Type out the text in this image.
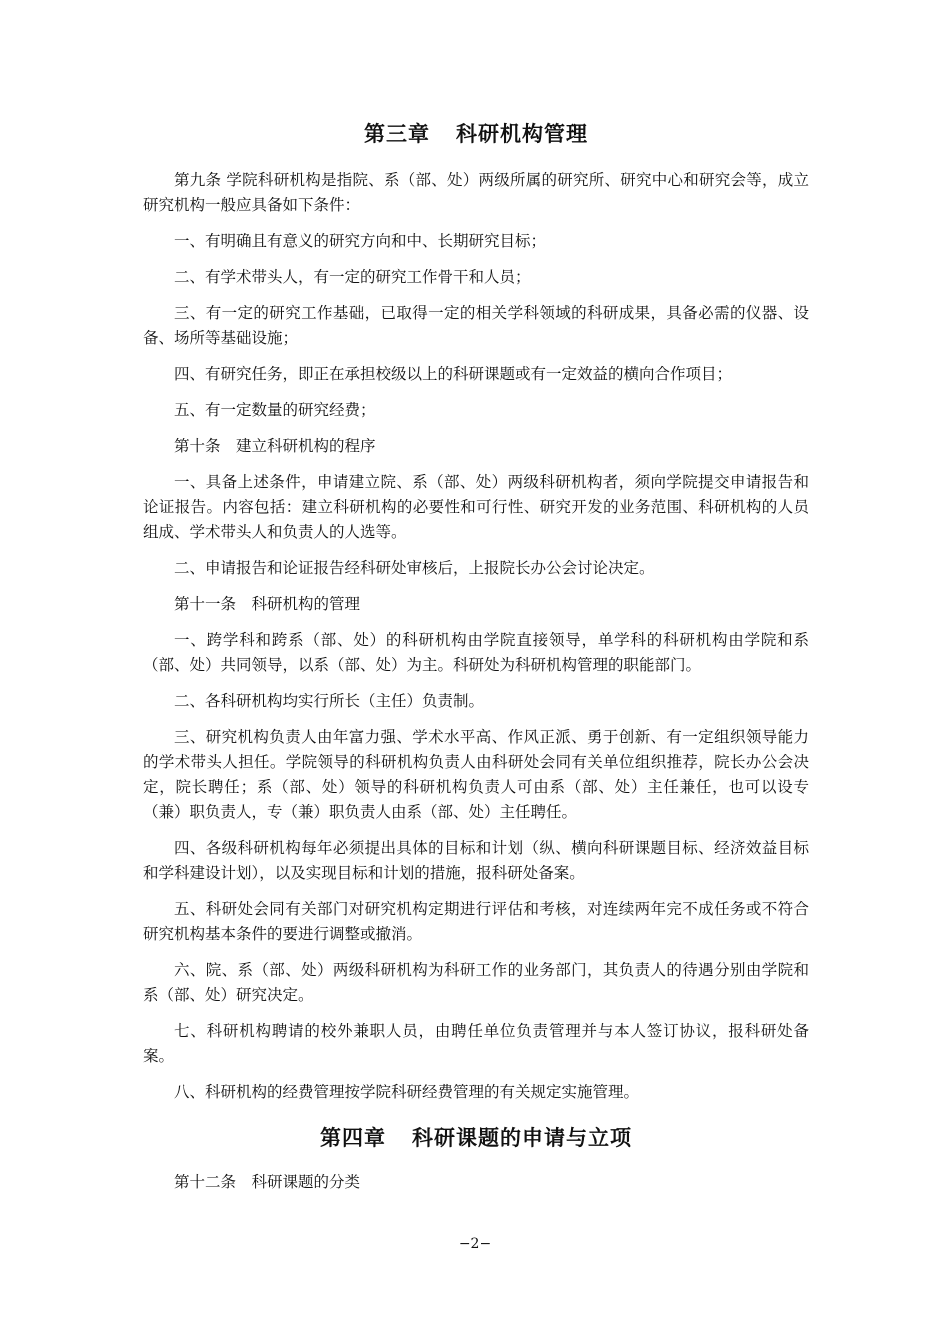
第三章 科研机构管理

第九条 学院科研机构是指院、系（部、处）两级所属的研究所、研究中心和研究会等，成立研究机构一般应具备如下条件：

一、有明确且有意义的研究方向和中、长期研究目标；

二、有学术带头人，有一定的研究工作骨干和人员；

三、有一定的研究工作基础，已取得一定的相关学科领域的科研成果，具备必需的仪器、设备、场所等基础设施；

四、有研究任务，即正在承担校级以上的科研课题或有一定效益的横向合作项目；

五、有一定数量的研究经费；

第十条　建立科研机构的程序

一、具备上述条件，申请建立院、系（部、处）两级科研机构者，须向学院提交申请报告和论证报告。内容包括：建立科研机构的必要性和可行性、研究开发的业务范围、科研机构的人员组成、学术带头人和负责人的人选等。

二、申请报告和论证报告经科研处审核后，上报院长办公会讨论决定。

第十一条　科研机构的管理

一、跨学科和跨系（部、处）的科研机构由学院直接领导，单学科的科研机构由学院和系（部、处）共同领导，以系（部、处）为主。科研处为科研机构管理的职能部门。

二、各科研机构均实行所长（主任）负责制。

三、研究机构负责人由年富力强、学术水平高、作风正派、勇于创新、有一定组织领导能力的学术带头人担任。学院领导的科研机构负责人由科研处会同有关单位组织推荐，院长办公会决定，院长聘任；系（部、处）领导的科研机构负责人可由系（部、处）主任兼任，也可以设专（兼）职负责人，专（兼）职负责人由系（部、处）主任聘任。

四、各级科研机构每年必须提出具体的目标和计划（纵、横向科研课题目标、经济效益目标和学科建设计划），以及实现目标和计划的措施，报科研处备案。

五、科研处会同有关部门对研究机构定期进行评估和考核，对连续两年完不成任务或不符合研究机构基本条件的要进行调整或撤消。

六、院、系（部、处）两级科研机构为科研工作的业务部门，其负责人的待遇分别由学院和系（部、处）研究决定。

七、科研机构聘请的校外兼职人员，由聘任单位负责管理并与本人签订协议，报科研处备案。

八、科研机构的经费管理按学院科研经费管理的有关规定实施管理。

第四章 科研课题的申请与立项

第十二条　科研课题的分类

−2−
